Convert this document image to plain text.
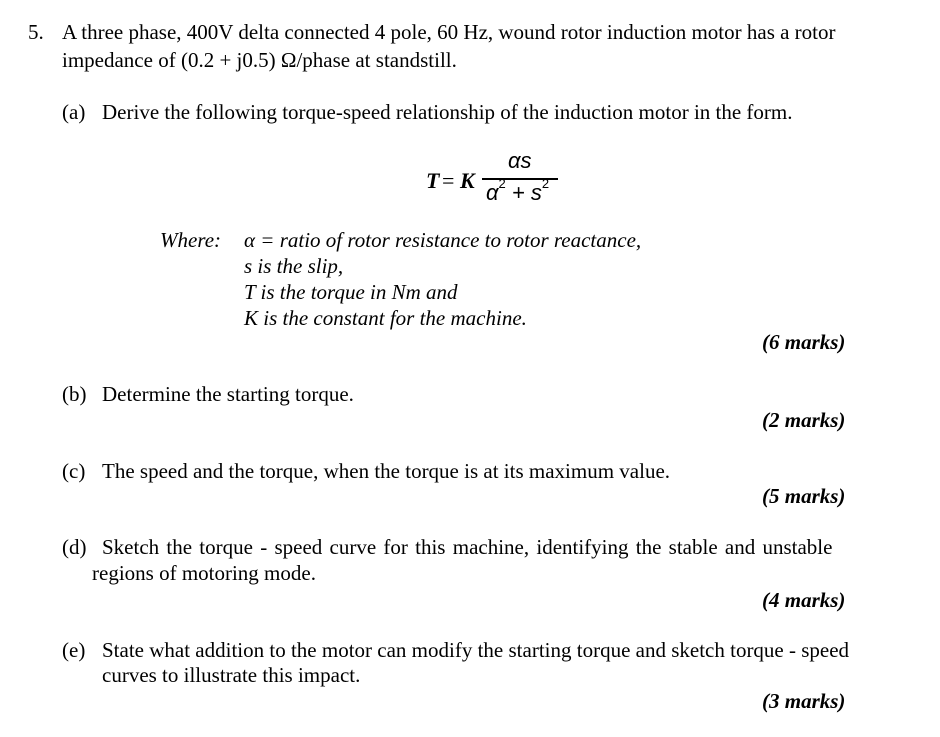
5. A three phase, 400V delta connected 4 pole, 60 Hz, wound rotor induction motor has a rotor
impedance of (0.2 + j0.5) Ω/phase at standstill.
(a) Derive the following torque-speed relationship of the induction motor in the form.
T = K
αs
$\alpha^2 + s^2$
Where: α = ratio of rotor resistance to rotor reactance,
s is the slip,
T is the torque in Nm and
K is the constant for the machine.
(6 marks)
(b) Determine the starting torque.
(2 marks)
(c) The speed and the torque, when the torque is at its maximum value.
(5 marks)
(d) Sketch the torque - speed curve for this machine, identifying the stable and unstable
regions of motoring mode.
(4 marks)
(e) State what addition to the motor can modify the starting torque and sketch torque - speed
curves to illustrate this impact.
(3 marks)
